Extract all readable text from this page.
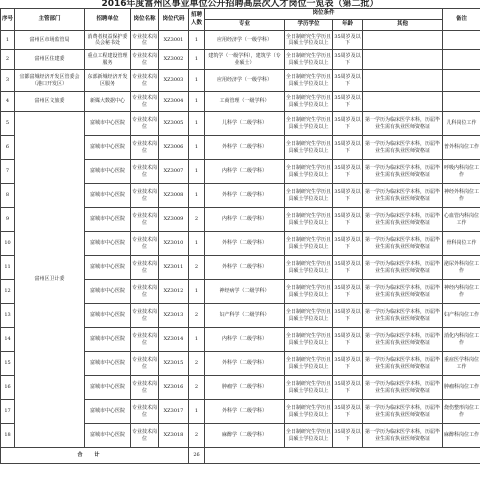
2016年度富州区事业单位公开招聘高层次人才岗位一览表（第二批）
序号	主管部门	招聘单位	岗位名称	岗位代码	招聘人数	岗位条件				备注
						专业	学历学位	年龄	其他	
1	富州区市场监管局	消费者权益保护委员会秘书处	专业技术岗位	XZ3001	1	应用经济学（一级学科）	全日制研究生学历且具硕士学位及以上	35周岁及以下		
2	富州区住建委	重点工程建设管理服务	专业技术岗位	XZ3002	1	建筑学（一级学科），建筑学（专业硕士）	全日制研究生学历且具硕士学位及以上	35周岁及以下		
3	宜都富城经济开发区管委会（港口开发区）	东部新城经济开发区服务	专业技术岗位	XZ3003	1	应用经济学（一级学科）	全日制研究生学历且具硕士学位及以上	35周岁及以下		
4	富州区文旅委	新媒大数据中心	专业技术岗位	XZ3004	1	工商管理（一级学科）	全日制研究生学历且具硕士学位及以上	35周岁及以下		
5	富州区卫计委	富城市中心医院	专业技术岗位	XZ3005	1	儿科学（二级学科）	全日制研究生学历且具硕士学位及以上	35周岁及以下	第一学历为临床医学本科，历届毕业生需有执业医师资格证	儿科岗位工作
6		富城市中心医院	专业技术岗位	XZ3006	1	外科学（二级学科）	全日制研究生学历且具硕士学位及以上	35周岁及以下	第一学历为临床医学本科，历届毕业生需有执业医师资格证	普外科岗位工作
7		富城市中心医院	专业技术岗位	XZ3007	1	内科学（二级学科）	全日制研究生学历且具硕士学位及以上	35周岁及以下	第一学历为临床医学本科，历届毕业生需有执业医师资格证	呼吸内科岗位工作
8		富城市中心医院	专业技术岗位	XZ3008	1	外科学（二级学科）	全日制研究生学历且具硕士学位及以上	35周岁及以下	第一学历为临床医学本科，历届毕业生需有执业医师资格证	神经外科岗位工作
9		富城市中心医院	专业技术岗位	XZ3009	2	内科学（二级学科）	全日制研究生学历且具硕士学位及以上	35周岁及以下	第一学历为临床医学本科，历届毕业生需有执业医师资格证	心血管内科岗位工作
10		富城市中心医院	专业技术岗位	XZ3010	1	外科学（二级学科）	全日制研究生学历且具硕士学位及以上	35周岁及以下	第一学历为临床医学本科，历届毕业生需有执业医师资格证	骨科岗位工作
11		富城市中心医院	专业技术岗位	XZ3011	2	外科学（二级学科）	全日制研究生学历且具硕士学位及以上	35周岁及以下	第一学历为临床医学本科，历届毕业生需有执业医师资格证	泌尿外科岗位工作
12		富城市中心医院	专业技术岗位	XZ3012	1	神经病学（二级学科）	全日制研究生学历且具硕士学位及以上	35周岁及以下	第一学历为临床医学本科，历届毕业生需有执业医师资格证	神经内科岗位工作
13		富城市中心医院	专业技术岗位	XZ3013	2	妇产科学（二级学科）	全日制研究生学历且具硕士学位及以上	35周岁及以下	第一学历为临床医学本科，历届毕业生需有执业医师资格证	妇产科岗位工作
14		富城市中心医院	专业技术岗位	XZ3014	1	内科学（二级学科）	全日制研究生学历且具硕士学位及以上	35周岁及以下	第一学历为临床医学本科，历届毕业生需有执业医师资格证	消化内科岗位工作
15		富城市中心医院	专业技术岗位	XZ3015	2	外科学（二级学科）	全日制研究生学历且具硕士学位及以上	35周岁及以下	第一学历为临床医学本科，历届毕业生需有执业医师资格证	重症医学科岗位工作
16		富城市中心医院	专业技术岗位	XZ3016	2	肿瘤学（二级学科）	全日制研究生学历且具硕士学位及以上	35周岁及以下	第一学历为临床医学本科，历届毕业生需有执业医师资格证	肿瘤科岗位工作
17		富城市中心医院	专业技术岗位	XZ3017	1	外科学（二级学科）	全日制研究生学历且具硕士学位及以上	35周岁及以下	第一学历为临床医学本科，历届毕业生需有执业医师资格证	烧伤整形岗位工作
18		富城市中心医院	专业技术岗位	XZ3018	2	麻醉学（二级学科）	全日制研究生学历且具硕士学位及以上	35周岁及以下	第一学历为临床医学本科，历届毕业生需有执业医师资格证	麻醉科岗位工作
合计					26					
